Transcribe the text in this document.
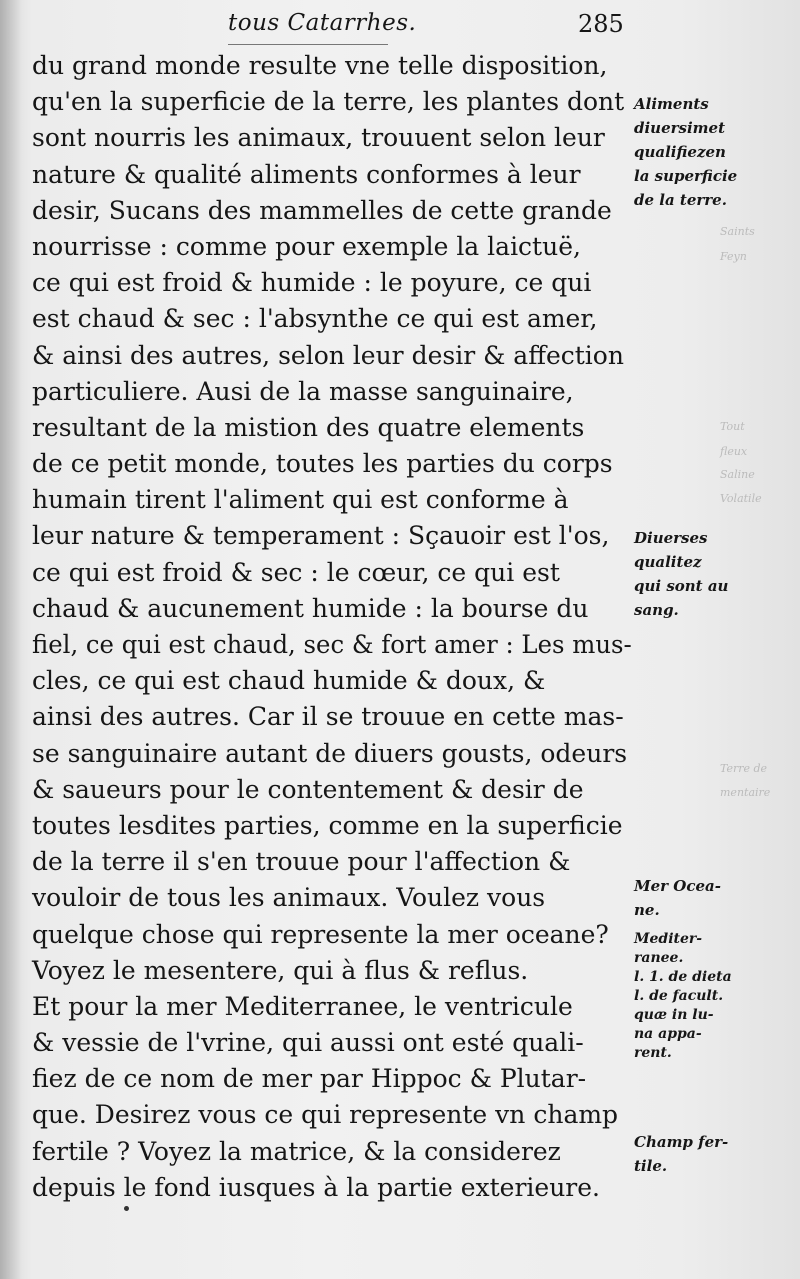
tous Catarrhes.	285
du grand monde resulte vne telle disposition,
qu'en la superficie de la terre, les plantes dont
sont nourris les animaux, trouuent selon leur
nature & qualité aliments conformes à leur
desir, Sucans des mammelles de cette grande
nourrisse : comme pour exemple la laictuë,
ce qui est froid & humide : le poyure, ce qui
est chaud & sec : l'absynthe ce qui est amer,
& ainsi des autres, selon leur desir & affection
particuliere. Ausi de la masse sanguinaire,
resultant de la mistion des quatre elements
de ce petit monde, toutes les parties du corps
humain tirent l'aliment qui est conforme à
leur nature & temperament : Sçauoir est l'os,
ce qui est froid & sec : le cœur, ce qui est
chaud & aucunement humide : la bourse du
fiel, ce qui est chaud, sec & fort amer : Les mus-
cles, ce qui est chaud humide & doux, &
ainsi des autres. Car il se trouue en cette mas-
se sanguinaire autant de diuers gousts, odeurs
& saueurs pour le contentement & desir de
toutes lesdites parties, comme en la superficie
de la terre il s'en trouue pour l'affection &
vouloir de tous les animaux. Voulez vous
quelque chose qui represente la mer oceane?
Voyez le mesentere, qui à flus & reflus.
Et pour la mer Mediterranee, le ventricule
& vessie de l'vrine, qui aussi ont esté quali-
fiez de ce nom de mer par Hippoc & Plutar-
que. Desirez vous ce qui represente vn champ
fertile ? Voyez la matrice, & la considerez
depuis le fond iusques à la partie exterieure.
Aliments
diuersimet
qualifiezen
la superficie
de la terre.
Diuerses
qualitez
qui sont au
sang.
Mer Ocea-
ne.
Mediter-
ranee.
l. 1. de dieta
l. de facult.
quæ in lu-
na appa-
rent.
Champ fer-
tile.
Saints
Feyn
Tout
fleux
Saline
Volatile
Terre de
mentaire
